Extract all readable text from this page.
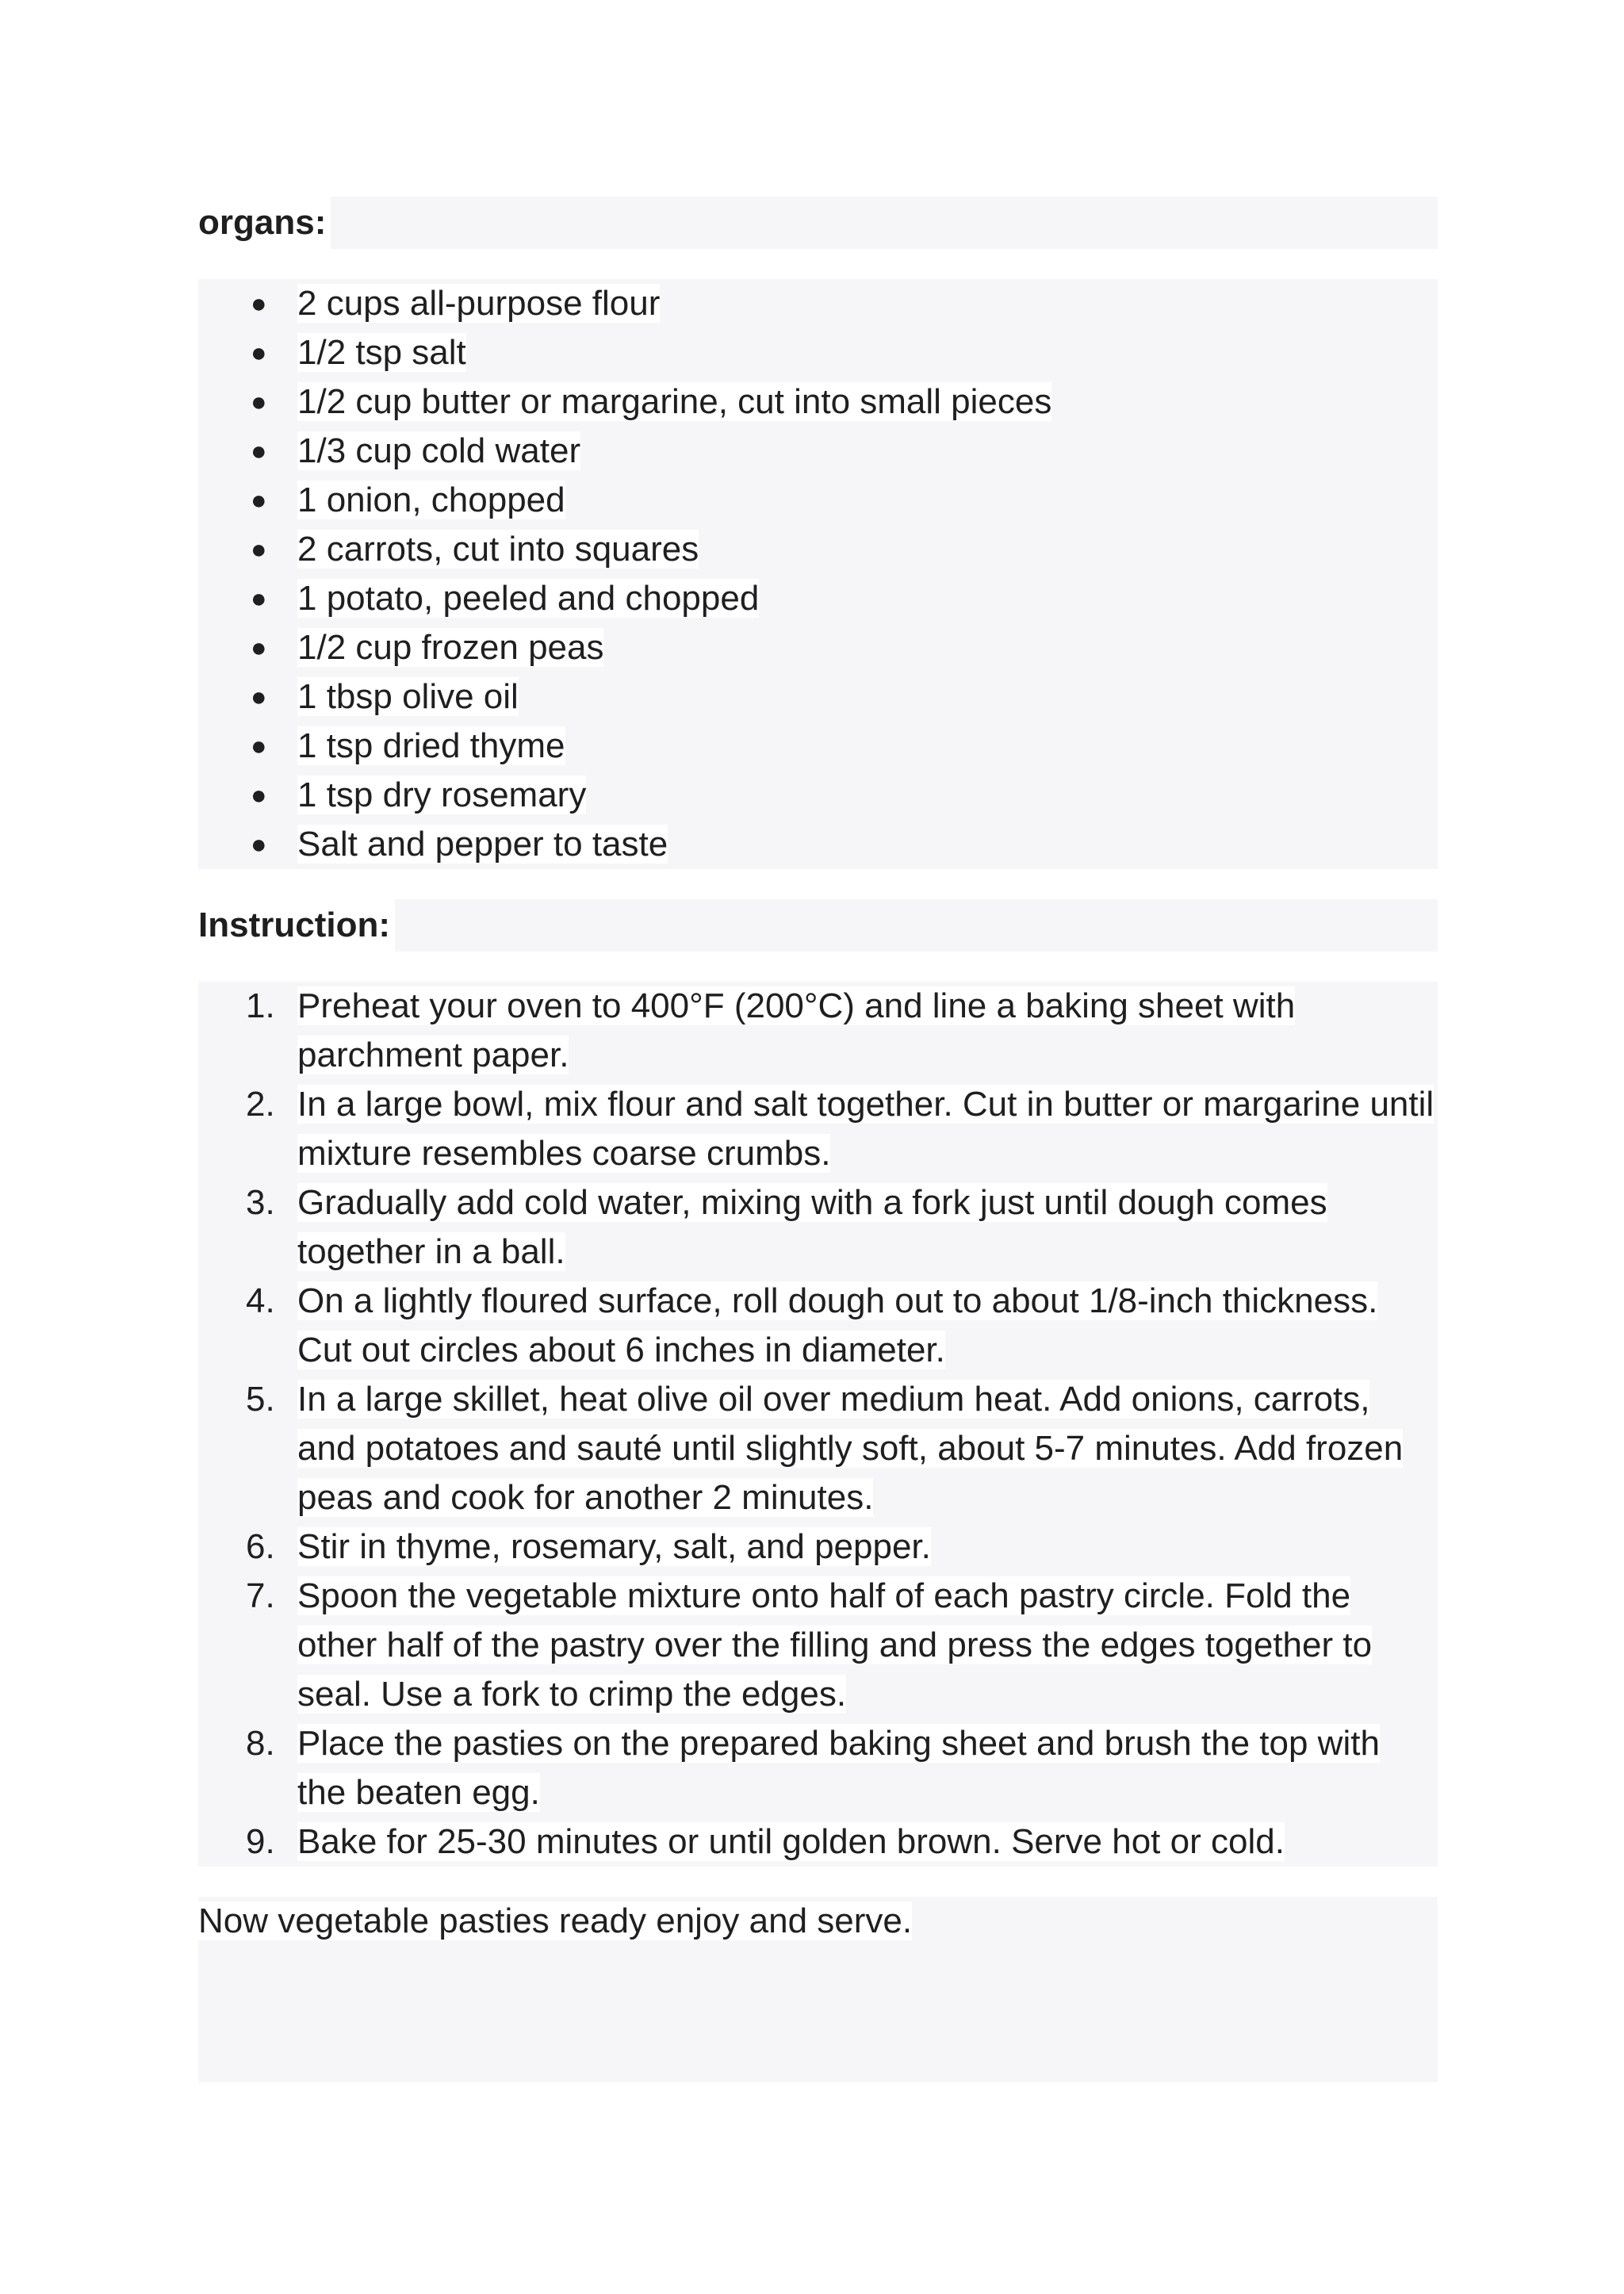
organs:
● 2 cups all-purpose flour
● 1/2 tsp salt
● 1/2 cup butter or margarine, cut into small pieces
● 1/3 cup cold water
● 1 onion, chopped
● 2 carrots, cut into squares
● 1 potato, peeled and chopped
● 1/2 cup frozen peas
● 1 tbsp olive oil
● 1 tsp dried thyme
● 1 tsp dry rosemary
● Salt and pepper to taste
Instruction:
1. Preheat your oven to 400°F (200°C) and line a baking sheet with parchment paper.
2. In a large bowl, mix flour and salt together. Cut in butter or margarine until mixture resembles coarse crumbs.
3. Gradually add cold water, mixing with a fork just until dough comes together in a ball.
4. On a lightly floured surface, roll dough out to about 1/8-inch thickness. Cut out circles about 6 inches in diameter.
5. In a large skillet, heat olive oil over medium heat. Add onions, carrots, and potatoes and sauté until slightly soft, about 5-7 minutes. Add frozen peas and cook for another 2 minutes.
6. Stir in thyme, rosemary, salt, and pepper.
7. Spoon the vegetable mixture onto half of each pastry circle. Fold the other half of the pastry over the filling and press the edges together to seal. Use a fork to crimp the edges.
8. Place the pasties on the prepared baking sheet and brush the top with the beaten egg.
9. Bake for 25-30 minutes or until golden brown. Serve hot or cold.
Now vegetable pasties ready enjoy and serve.
